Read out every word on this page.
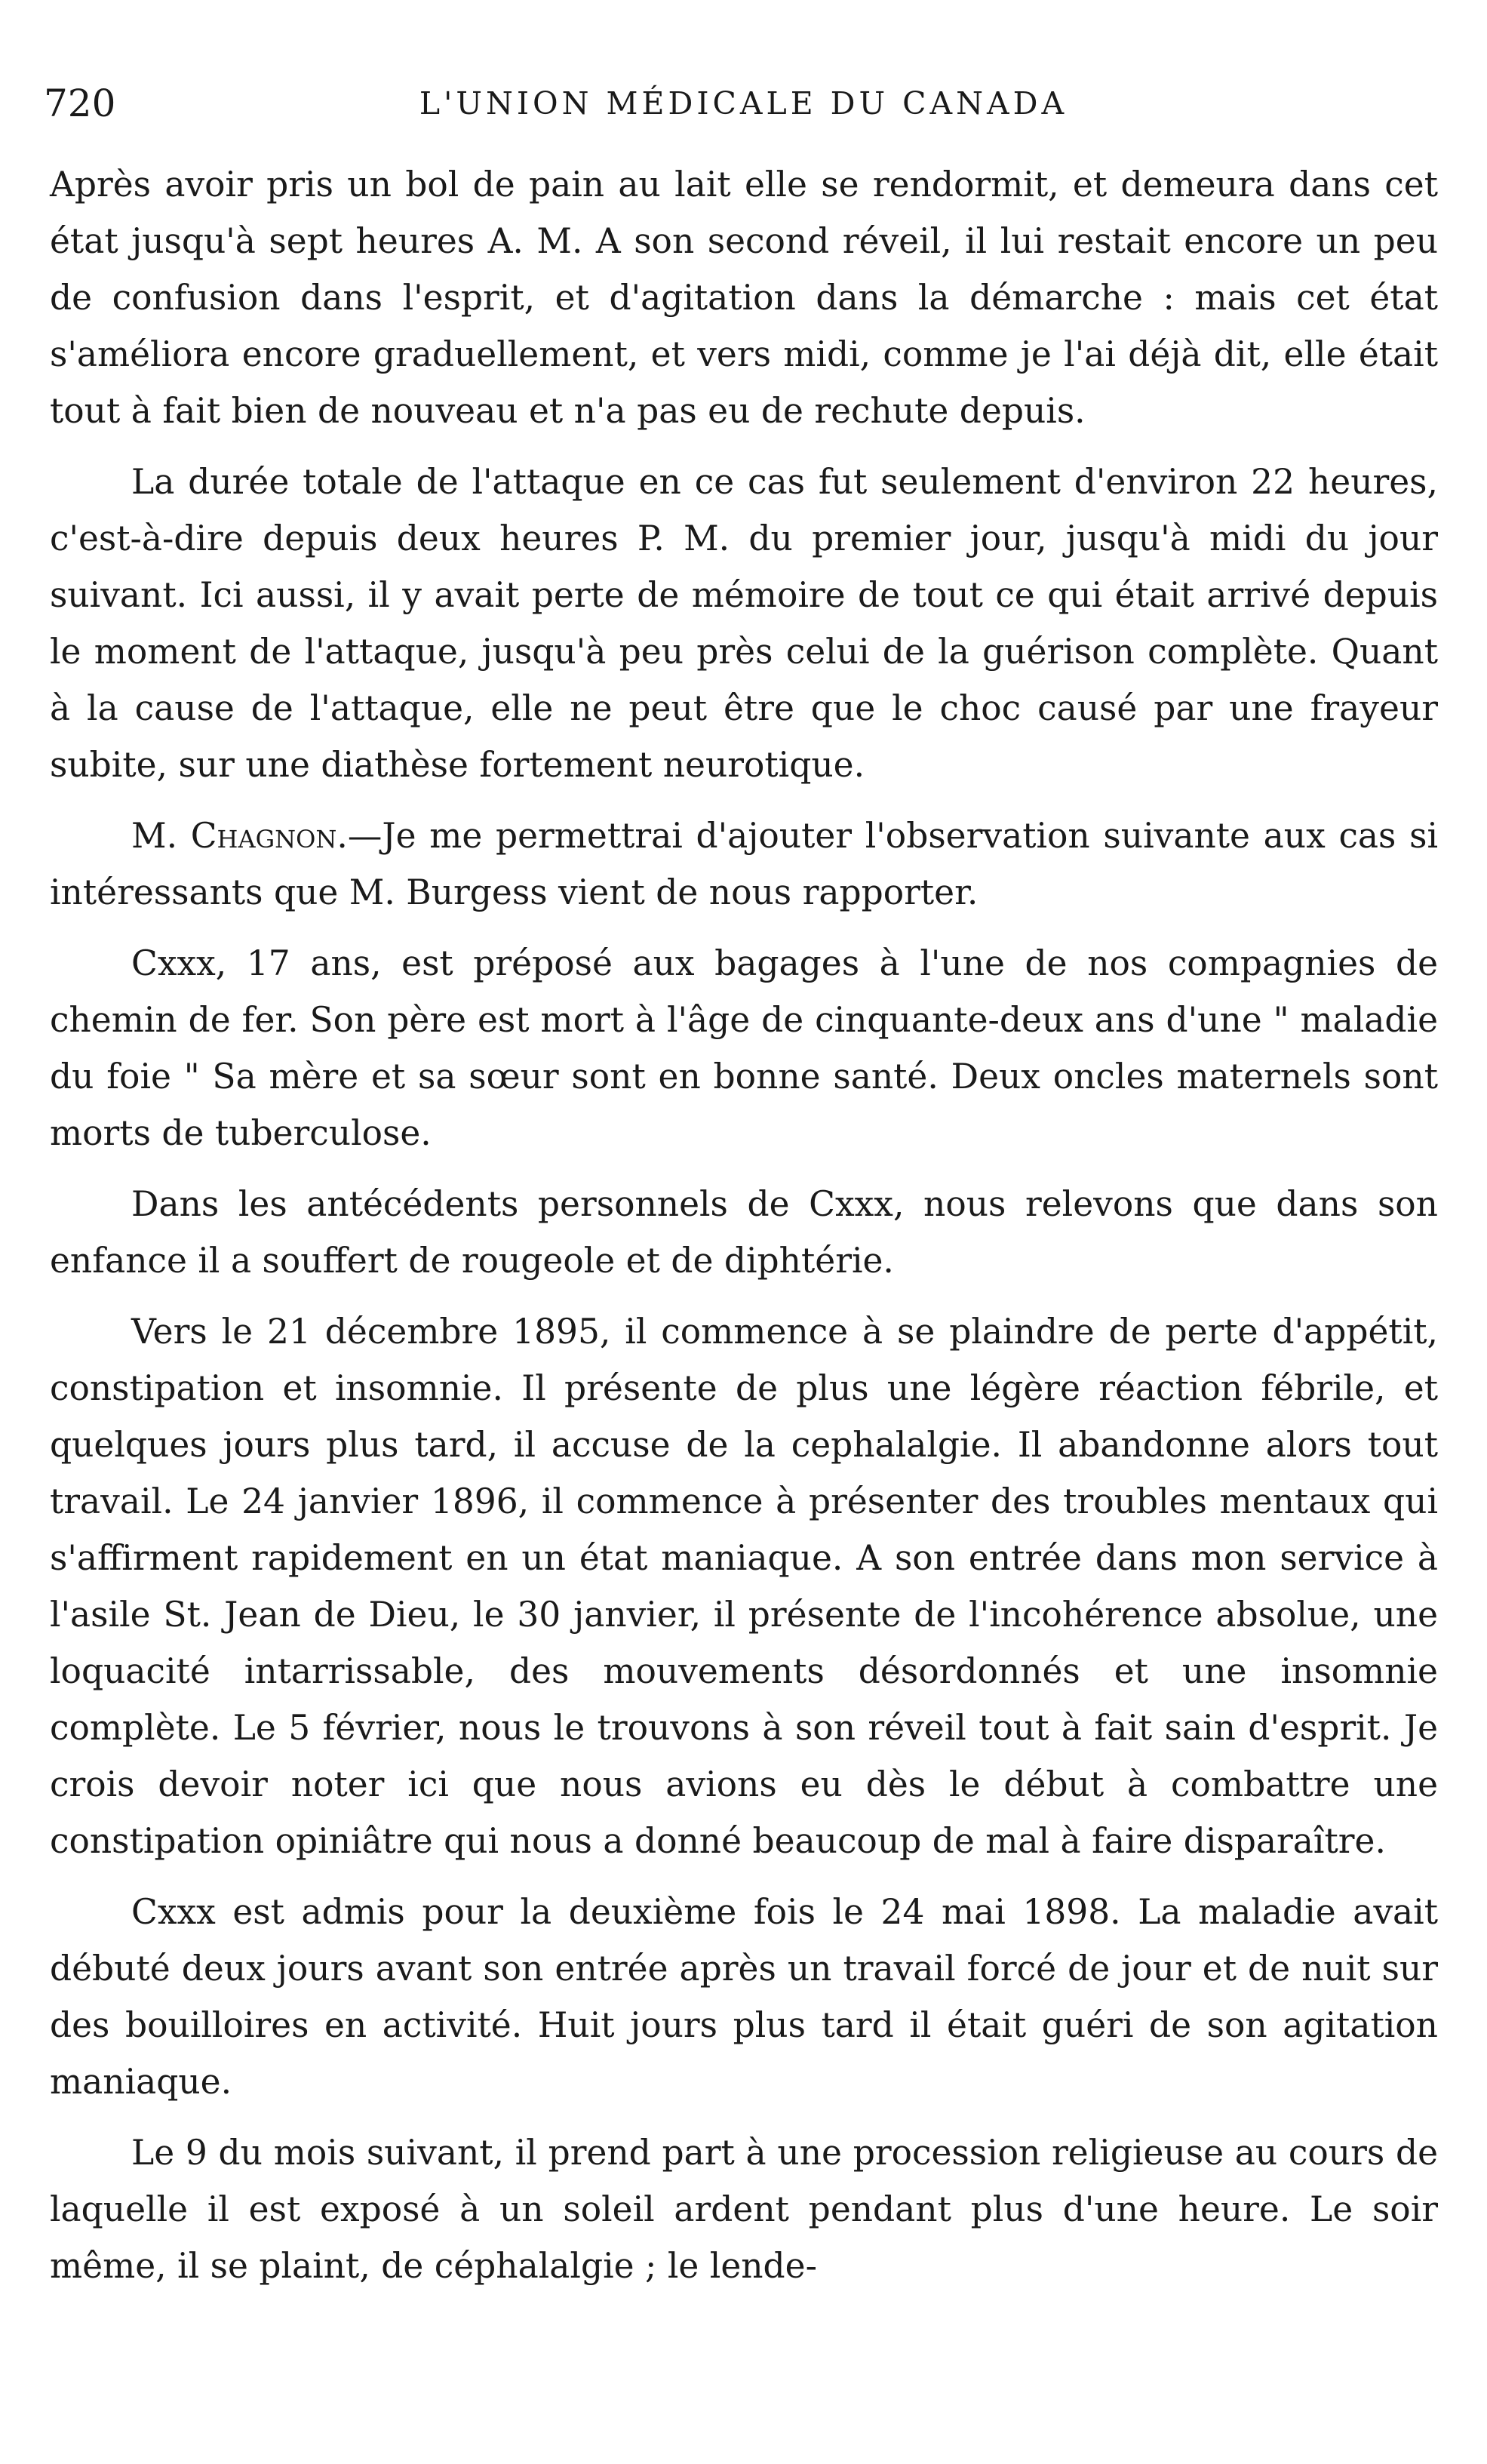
720	L'UNION MÉDICALE DU CANADA

Après avoir pris un bol de pain au lait elle se rendormit, et demeura dans cet état jusqu'à sept heures A. M. A son second réveil, il lui restait encore un peu de confusion dans l'esprit, et d'agitation dans la démarche : mais cet état s'améliora encore graduellement, et vers midi, comme je l'ai déjà dit, elle était tout à fait bien de nouveau et n'a pas eu de rechute depuis.

La durée totale de l'attaque en ce cas fut seulement d'environ 22 heures, c'est-à-dire depuis deux heures P. M. du premier jour, jusqu'à midi du jour suivant. Ici aussi, il y avait perte de mémoire de tout ce qui était arrivé depuis le moment de l'attaque, jusqu'à peu près celui de la guérison complète. Quant à la cause de l'attaque, elle ne peut être que le choc causé par une frayeur subite, sur une diathèse fortement neurotique.

M. Chagnon.—Je me permettrai d'ajouter l'observation suivante aux cas si intéressants que M. Burgess vient de nous rapporter.

Cxxx, 17 ans, est préposé aux bagages à l'une de nos compagnies de chemin de fer. Son père est mort à l'âge de cinquante-deux ans d'une " maladie du foie " Sa mère et sa sœur sont en bonne santé. Deux oncles maternels sont morts de tuberculose.

Dans les antécédents personnels de Cxxx, nous relevons que dans son enfance il a souffert de rougeole et de diphtérie.

Vers le 21 décembre 1895, il commence à se plaindre de perte d'appétit, constipation et insomnie. Il présente de plus une légère réaction fébrile, et quelques jours plus tard, il accuse de la cephalalgie. Il abandonne alors tout travail. Le 24 janvier 1896, il commence à présenter des troubles mentaux qui s'affirment rapidement en un état maniaque. A son entrée dans mon service à l'asile St. Jean de Dieu, le 30 janvier, il présente de l'incohérence absolue, une loquacité intarrissable, des mouvements désordonnés et une insomnie complète. Le 5 février, nous le trouvons à son réveil tout à fait sain d'esprit. Je crois devoir noter ici que nous avions eu dès le début à combattre une constipation opiniâtre qui nous a donné beaucoup de mal à faire disparaître.

Cxxx est admis pour la deuxième fois le 24 mai 1898. La maladie avait débuté deux jours avant son entrée après un travail forcé de jour et de nuit sur des bouilloires en activité. Huit jours plus tard il était guéri de son agitation maniaque.

Le 9 du mois suivant, il prend part à une procession religieuse au cours de laquelle il est exposé à un soleil ardent pendant plus d'une heure. Le soir même, il se plaint, de céphalalgie ; le lende-
